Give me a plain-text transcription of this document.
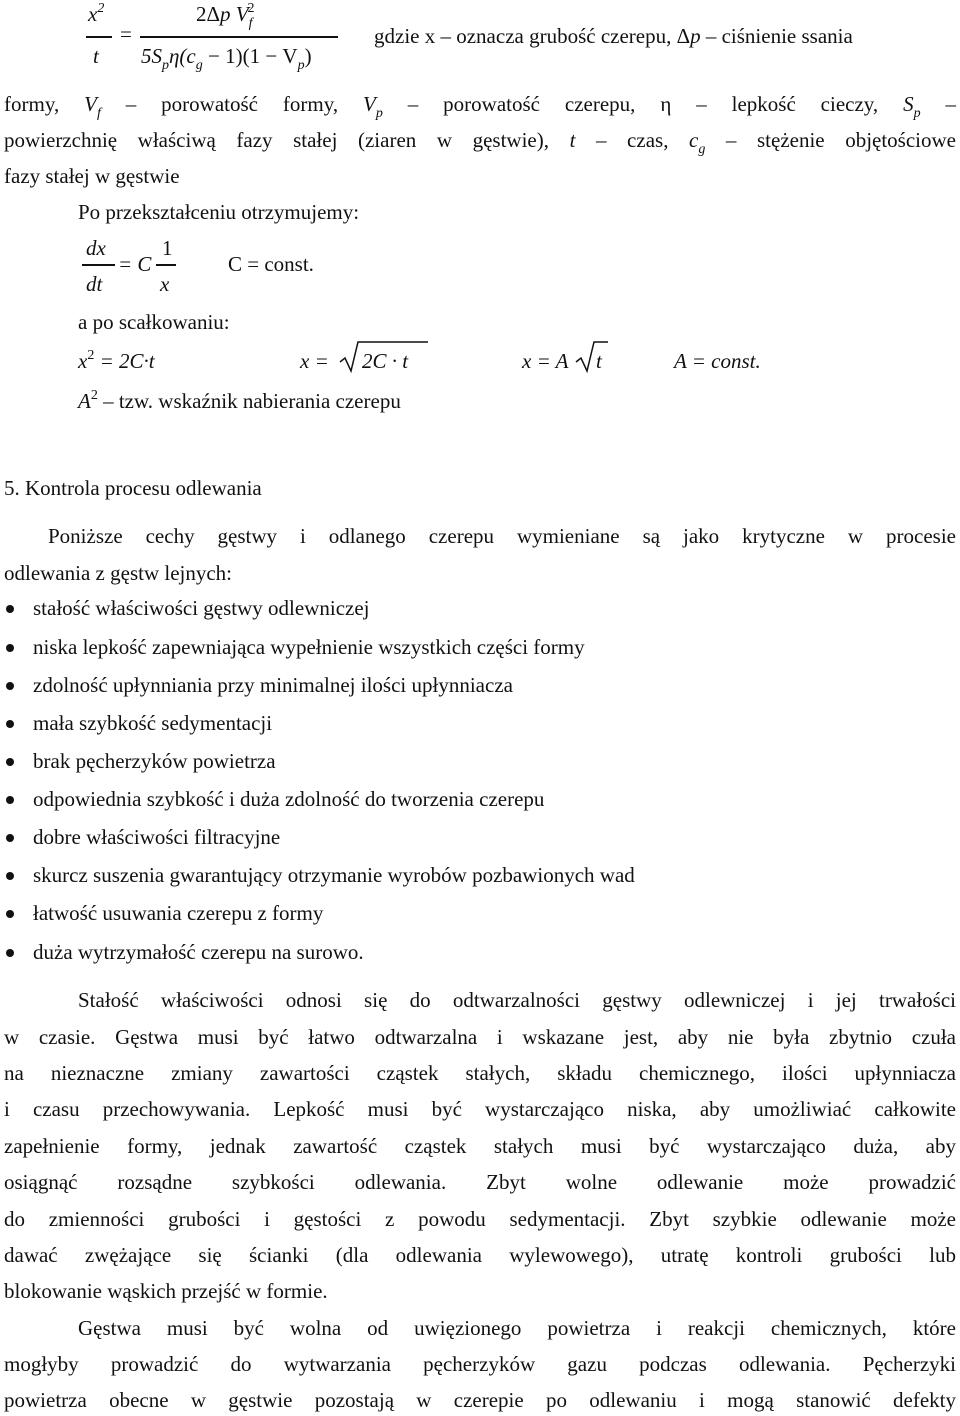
$x^2$
t
=
2Δp $V_f^2$
$5S_p\eta(c_g - 1)(1 - V_p)$
gdzie x – oznacza grubość czerepu, Δp – ciśnienie ssania
formy, $V_f$ – porowatość formy, $V_p$ – porowatość czerepu, η – lepkość cieczy, $S_p$ –
powierzchnię właściwą fazy stałej (ziaren w gęstwie), t – czas, $c_g$ – stężenie objętościowe
fazy stałej w gęstwie
Po przekształceniu otrzymujemy:
dx
dt
= C
1
x
C = const.
a po scałkowaniu:
$x^2 = 2C\cdot t$	x = 2C · t	x = A t	A = const.
$A^2$ – tzw. wskaźnik nabierania czerepu
5. Kontrola procesu odlewania
Poniższe cechy gęstwy i odlanego czerepu wymieniane są jako krytyczne w procesie
odlewania z gęstw lejnych:
stałość właściwości gęstwy odlewniczej
niska lepkość zapewniająca wypełnienie wszystkich części formy
zdolność upłynniania przy minimalnej ilości upłynniacza
mała szybkość sedymentacji
brak pęcherzyków powietrza
odpowiednia szybkość i duża zdolność do tworzenia czerepu
dobre właściwości filtracyjne
skurcz suszenia gwarantujący otrzymanie wyrobów pozbawionych wad
łatwość usuwania czerepu z formy
duża wytrzymałość czerepu na surowo.
Stałość właściwości odnosi się do odtwarzalności gęstwy odlewniczej i jej trwałości
w czasie. Gęstwa musi być łatwo odtwarzalna i wskazane jest, aby nie była zbytnio czuła
na nieznaczne zmiany zawartości cząstek stałych, składu chemicznego, ilości upłynniacza
i czasu przechowywania. Lepkość musi być wystarczająco niska, aby umożliwiać całkowite
zapełnienie formy, jednak zawartość cząstek stałych musi być wystarczająco duża, aby
osiągnąć rozsądne szybkości odlewania. Zbyt wolne odlewanie może prowadzić
do zmienności grubości i gęstości z powodu sedymentacji. Zbyt szybkie odlewanie może
dawać zwężające się ścianki (dla odlewania wylewowego), utratę kontroli grubości lub
blokowanie wąskich przejść w formie.
Gęstwa musi być wolna od uwięzionego powietrza i reakcji chemicznych, które
mogłyby prowadzić do wytwarzania pęcherzyków gazu podczas odlewania. Pęcherzyki
powietrza obecne w gęstwie pozostają w czerepie po odlewaniu i mogą stanowić defekty
